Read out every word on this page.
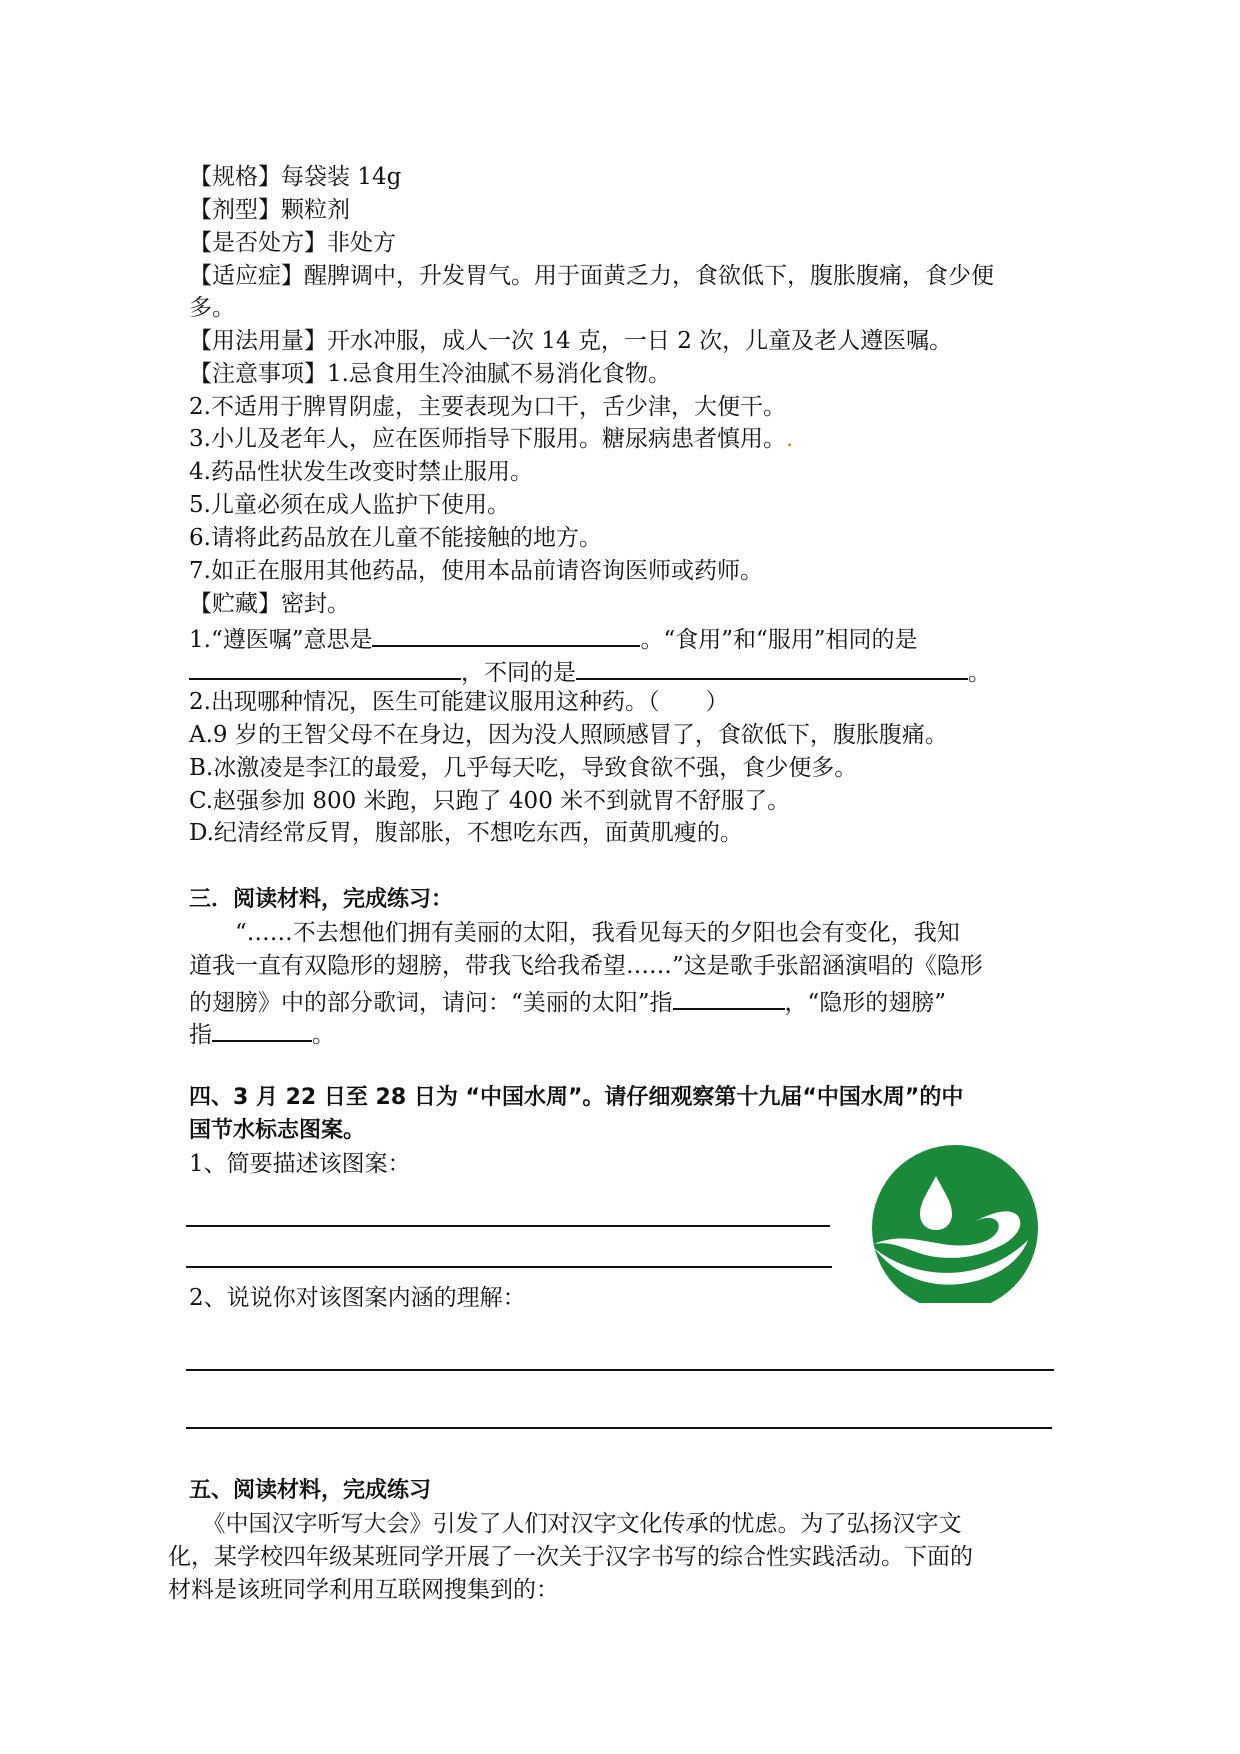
【规格】每袋装 14g
【剂型】颗粒剂
【是否处方】非处方
【适应症】醒脾调中，升发胃气。用于面黄乏力，食欲低下，腹胀腹痛，食少便
多。
【用法用量】开水冲服，成人一次 14 克，一日 2 次，儿童及老人遵医嘱。
【注意事项】1.忌食用生冷油腻不易消化食物。
2.不适用于脾胃阴虚，主要表现为口干，舌少津，大便干。
3.小儿及老年人，应在医师指导下服用。糖尿病患者慎用。.
4.药品性状发生改变时禁止服用。
5.儿童必须在成人监护下使用。
6.请将此药品放在儿童不能接触的地方。
7.如正在服用其他药品，使用本品前请咨询医师或药师。
【贮藏】密封。
1.“遵医嘱”意思是	。“食用”和“服用”相同的是
，不同的是	。
2.出现哪种情况，医生可能建议服用这种药。（　　）
A.9 岁的王智父母不在身边，因为没人照顾感冒了，食欲低下，腹胀腹痛。
B.冰激凌是李江的最爱，几乎每天吃，导致食欲不强，食少便多。
C.赵强参加 800 米跑，只跑了 400 米不到就胃不舒服了。
D.纪清经常反胃，腹部胀，不想吃东西，面黄肌瘦的。
三．阅读材料，完成练习：
　　“……不去想他们拥有美丽的太阳，我看见每天的夕阳也会有变化，我知
道我一直有双隐形的翅膀，带我飞给我希望……”这是歌手张韶涵演唱的《隐形
的翅膀》中的部分歌词，请问：“美丽的太阳”指	，“隐形的翅膀”
指	。
四、3 月 22 日至 28 日为 “中国水周”。请仔细观察第十九届“中国水周”的中
国节水标志图案。
1、简要描述该图案：
2、说说你对该图案内涵的理解：
五、阅读材料，完成练习
　　《中国汉字听写大会》引发了人们对汉字文化传承的忧虑。为了弘扬汉字文
化，某学校四年级某班同学开展了一次关于汉字书写的综合性实践活动。下面的
材料是该班同学利用互联网搜集到的：
